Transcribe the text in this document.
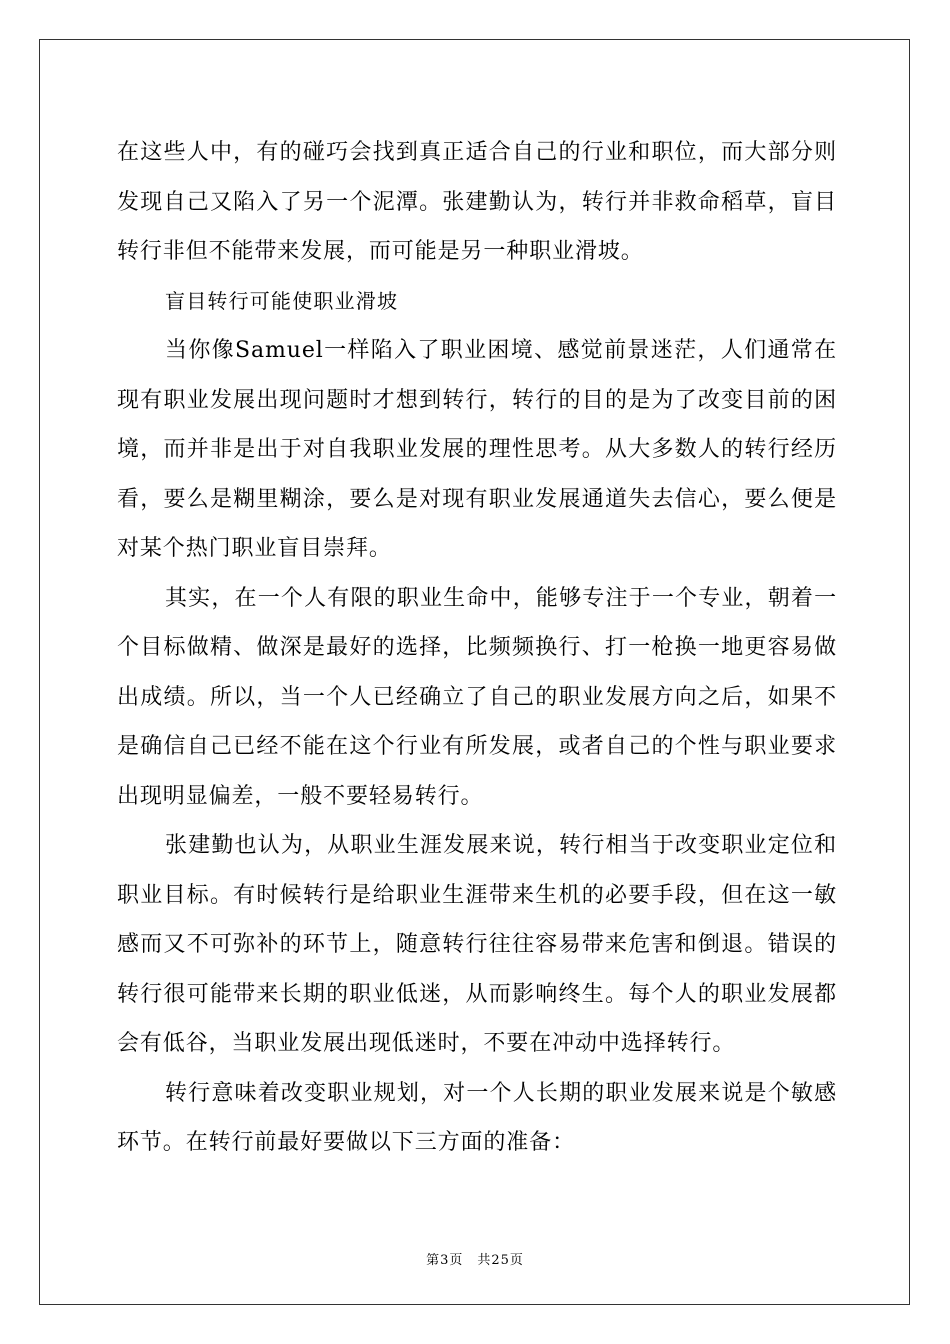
在这些人中，有的碰巧会找到真正适合自己的行业和职位，而大部分则发现自己又陷入了另一个泥潭。张建勤认为，转行并非救命稻草，盲目转行非但不能带来发展，而可能是另一种职业滑坡。

盲目转行可能使职业滑坡

当你像Samuel一样陷入了职业困境、感觉前景迷茫，人们通常在现有职业发展出现问题时才想到转行，转行的目的是为了改变目前的困境，而并非是出于对自我职业发展的理性思考。从大多数人的转行经历看，要么是糊里糊涂，要么是对现有职业发展通道失去信心，要么便是对某个热门职业盲目崇拜。

其实，在一个人有限的职业生命中，能够专注于一个专业，朝着一个目标做精、做深是最好的选择，比频频换行、打一枪换一地更容易做出成绩。所以，当一个人已经确立了自己的职业发展方向之后，如果不是确信自己已经不能在这个行业有所发展，或者自己的个性与职业要求出现明显偏差，一般不要轻易转行。

张建勤也认为，从职业生涯发展来说，转行相当于改变职业定位和职业目标。有时候转行是给职业生涯带来生机的必要手段，但在这一敏感而又不可弥补的环节上，随意转行往往容易带来危害和倒退。错误的转行很可能带来长期的职业低迷，从而影响终生。每个人的职业发展都会有低谷，当职业发展出现低迷时，不要在冲动中选择转行。

转行意味着改变职业规划，对一个人长期的职业发展来说是个敏感环节。在转行前最好要做以下三方面的准备：

第3页 共25页
